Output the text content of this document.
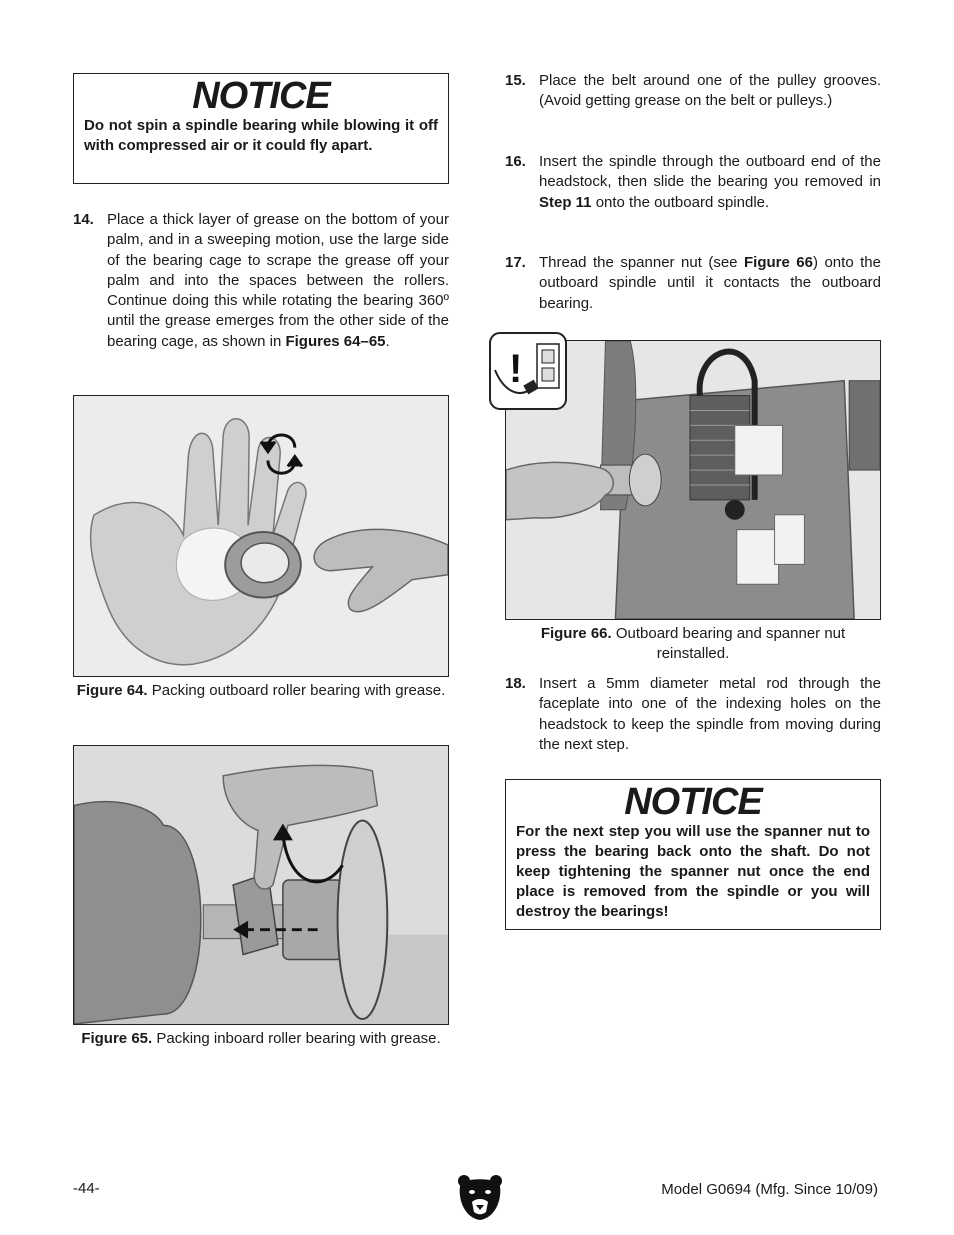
NOTICE
Do not spin a spindle bearing while blowing it off with compressed air or it could fly apart.
14. Place a thick layer of grease on the bottom of your palm, and in a sweeping motion, use the large side of the bearing cage to scrape the grease off your palm and into the spaces between the rollers. Continue doing this while rotating the bearing 360º until the grease emerges from the other side of the bearing cage, as shown in Figures 64–65.
Figure 64. Packing outboard roller bearing with grease.
Figure 65. Packing inboard roller bearing with grease.
15. Place the belt around one of the pulley grooves. (Avoid getting grease on the belt or pulleys.)
16. Insert the spindle through the outboard end of the headstock, then slide the bearing you removed in Step 11 onto the outboard spindle.
17. Thread the spanner nut (see Figure 66) onto the outboard spindle until it contacts the outboard bearing.
!
Figure 66. Outboard bearing and spanner nut reinstalled.
18. Insert a 5mm diameter metal rod through the faceplate into one of the indexing holes on the headstock to keep the spindle from moving during the next step.
NOTICE
For the next step you will use the spanner nut to press the bearing back onto the shaft. Do not keep tightening the spanner nut once the end place is removed from the spindle or you will destroy the bearings!
-44-	Model G0694 (Mfg. Since 10/09)
